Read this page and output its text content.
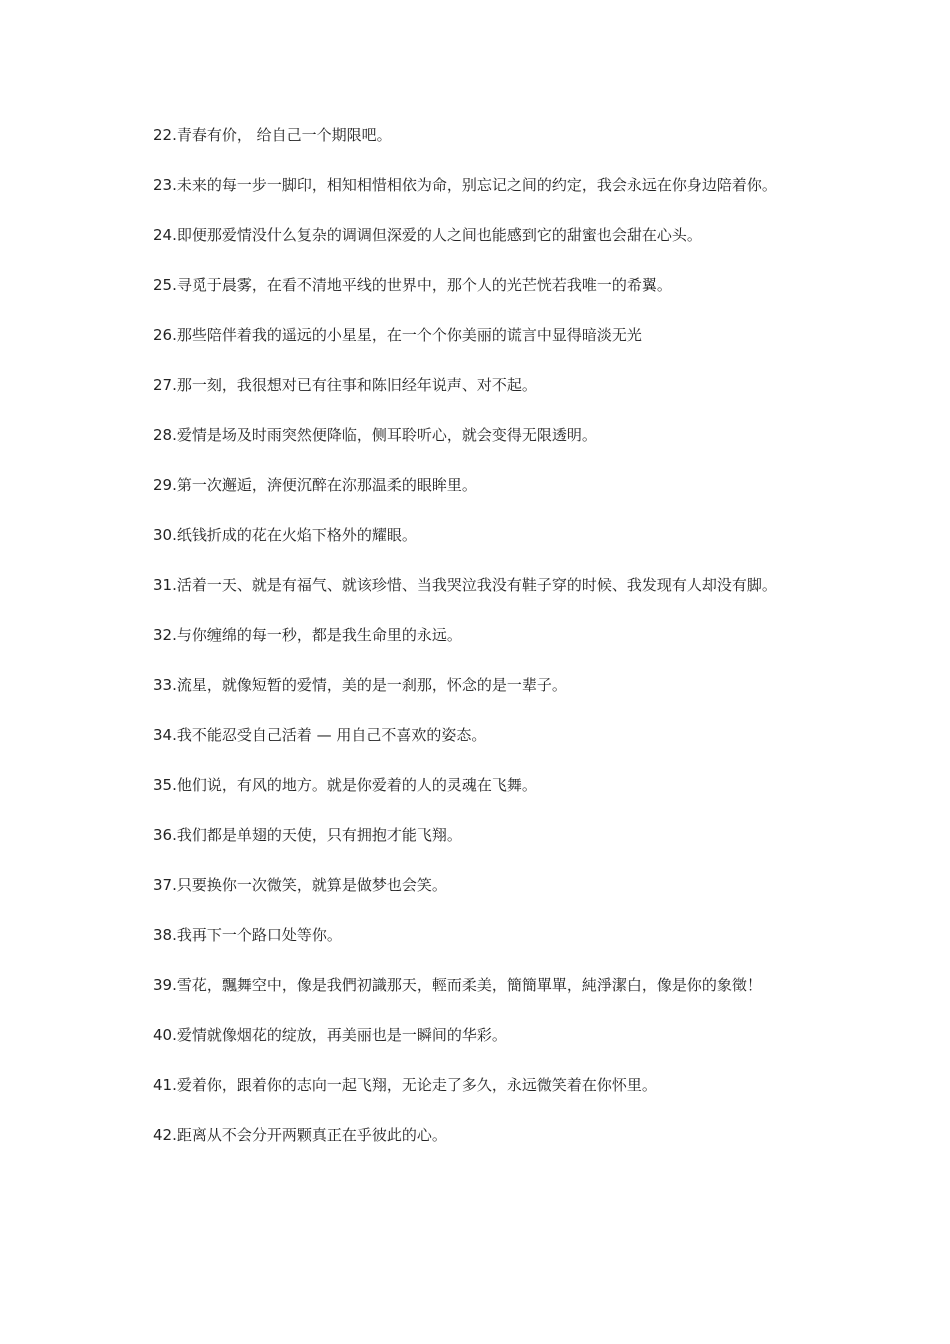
22.青春有价， 给自己一个期限吧。
23.未来的每一步一脚印，相知相惜相依为命，别忘记之间的约定，我会永远在你身边陪着你。
24.即便那爱情没什么复杂的调调但深爱的人之间也能感到它的甜蜜也会甜在心头。
25.寻觅于晨雾，在看不清地平线的世界中，那个人的光芒恍若我唯一的希翼。
26.那些陪伴着我的遥远的小星星，在一个个你美丽的谎言中显得暗淡无光
27.那一刻，我很想对已有往事和陈旧经年说声、对不起。
28.爱情是场及时雨突然便降临，侧耳聆听心，就会变得无限透明。
29.第一次邂逅，渀便沉醉在沵那温柔的眼眸里。
30.纸钱折成的花在火焰下格外的耀眼。
31.活着一天、就是有福气、就该珍惜、当我哭泣我没有鞋子穿的时候、我发现有人却没有脚。
32.与你缠绵的每一秒，都是我生命里的永远。
33.流星，就像短暂的爱情，美的是一刹那，怀念的是一辈子。
34.我不能忍受自己活着 — 用自己不喜欢的姿态。
35.他们说，有风的地方。就是你爱着的人的灵魂在飞舞。
36.我们都是单翅的天使，只有拥抱才能飞翔。
37.只要换你一次微笑，就算是做梦也会笑。
38.我再下一个路口处等你。
39.雪花，飄舞空中，像是我們初識那天，輕而柔美，簡簡單單，純淨潔白，像是你的象徵！
40.爱情就像烟花的绽放，再美丽也是一瞬间的华彩。
41.爱着你，跟着你的志向一起飞翔，无论走了多久，永远微笑着在你怀里。
42.距离从不会分开两颗真正在乎彼此的心。
